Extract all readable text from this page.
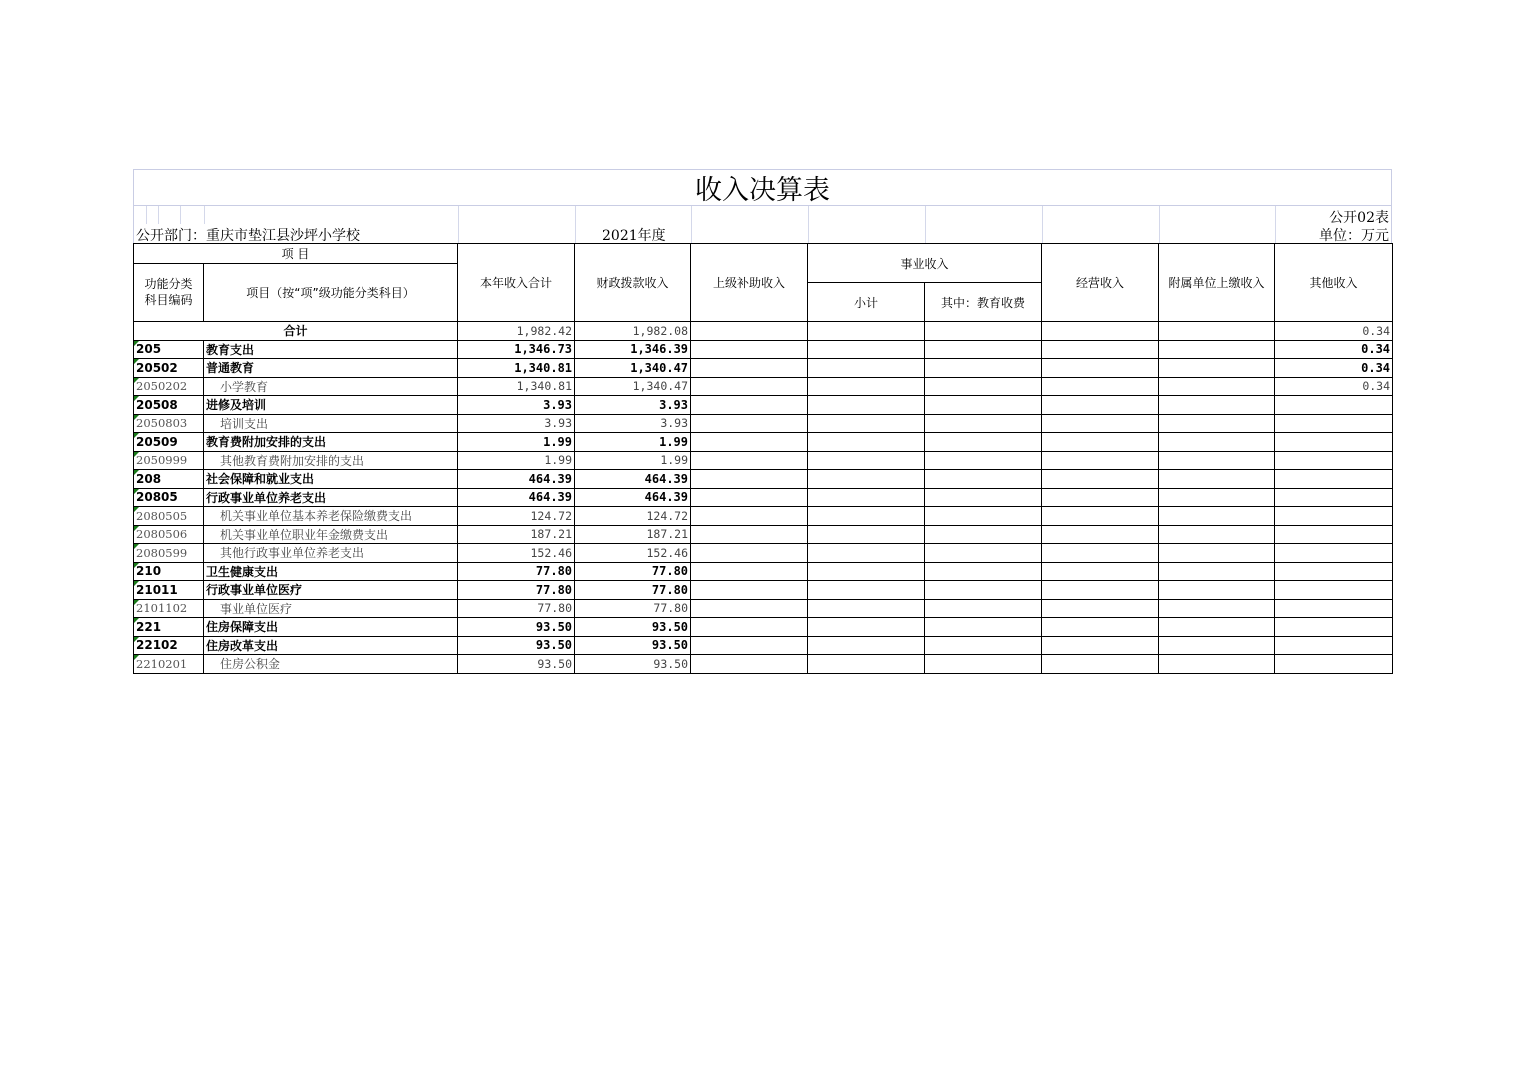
收入决算表
公开02表
公开部门：重庆市垫江县沙坪小学校	2021年度	单位：万元
项 目		本年收入合计	财政拨款收入	上级补助收入	事业收入		经营收入	附属单位上缴收入	其他收入

功能分类
科目编码	项目（按“项”级功能分类科目）								
					小计	其中：教育收费			
合计		1,982.42	1,982.08						0.34
205	教育支出	1,346.73	1,346.39						0.34
20502	普通教育	1,340.81	1,340.47						0.34
2050202	小学教育	1,340.81	1,340.47						0.34
20508	进修及培训	3.93	3.93						
2050803	培训支出	3.93	3.93						
20509	教育费附加安排的支出	1.99	1.99						
2050999	其他教育费附加安排的支出	1.99	1.99						
208	社会保障和就业支出	464.39	464.39						
20805	行政事业单位养老支出	464.39	464.39						
2080505	机关事业单位基本养老保险缴费支出	124.72	124.72						
2080506	机关事业单位职业年金缴费支出	187.21	187.21						
2080599	其他行政事业单位养老支出	152.46	152.46						
210	卫生健康支出	77.80	77.80						
21011	行政事业单位医疗	77.80	77.80						
2101102	事业单位医疗	77.80	77.80						
221	住房保障支出	93.50	93.50						
22102	住房改革支出	93.50	93.50						
2210201	住房公积金	93.50	93.50						
